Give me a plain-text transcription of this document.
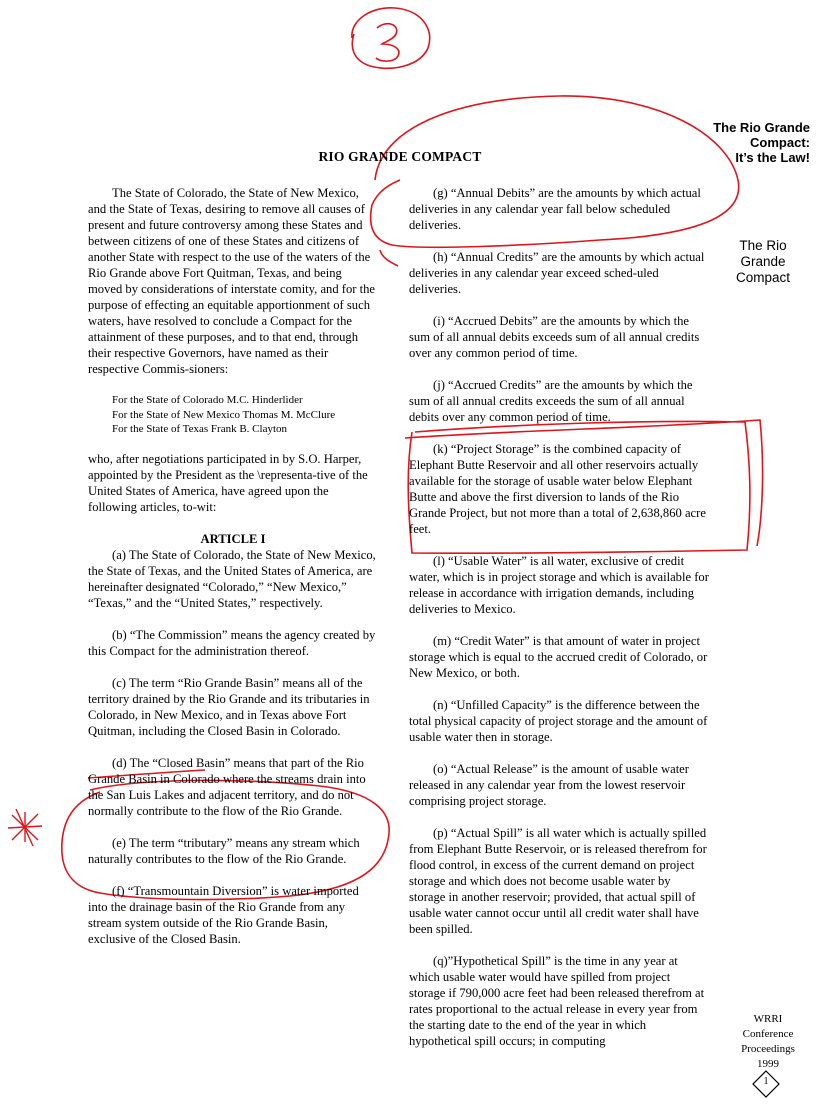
RIO GRANDE COMPACT
The Rio Grande
Compact:
It’s the Law!
The Rio
Grande
Compact

The State of Colorado, the State of New Mexico, and the State of Texas, desiring to remove all causes of present and future controversy among these States and between citizens of one of these States and citizens of another State with respect to the use of the waters of the Rio Grande above Fort Quitman, Texas, and being moved by considerations of interstate comity, and for the purpose of effecting an equitable apportionment of such waters, have resolved to conclude a Compact for the attainment of these purposes, and to that end, through their respective Governors, have named as their respective Commis-sioners:

For the State of Colorado M.C. Hinderlider
For the State of New Mexico Thomas M. McClure
For the State of Texas Frank B. Clayton

who, after negotiations participated in by S.O. Harper, appointed by the President as the \representa-tive of the United States of America, have agreed upon the following articles, to-wit:

ARTICLE I

(a) The State of Colorado, the State of New Mexico, the State of Texas, and the United States of America, are hereinafter designated “Colorado,” “New Mexico,” “Texas,” and the “United States,” respectively.

(b) “The Commission” means the agency created by this Compact for the administration thereof.

(c) The term “Rio Grande Basin” means all of the territory drained by the Rio Grande and its tributaries in Colorado, in New Mexico, and in Texas above Fort Quitman, including the Closed Basin in Colorado.

(d) The “Closed Basin” means that part of the Rio Grande Basin in Colorado where the streams drain into the San Luis Lakes and adjacent territory, and do not normally contribute to the flow of the Rio Grande.

(e) The term “tributary” means any stream which naturally contributes to the flow of the Rio Grande.

(f) “Transmountain Diversion” is water imported into the drainage basin of the Rio Grande from any stream system outside of the Rio Grande Basin, exclusive of the Closed Basin.

(g) “Annual Debits” are the amounts by which actual deliveries in any calendar year fall below scheduled deliveries.

(h) “Annual Credits” are the amounts by which actual deliveries in any calendar year exceed sched-uled deliveries.

(i) “Accrued Debits” are the amounts by which the sum of all annual debits exceeds sum of all annual credits over any common period of time.

(j) “Accrued Credits” are the amounts by which the sum of all annual credits exceeds the sum of all annual debits over any common period of time.

(k) “Project Storage” is the combined capacity of Elephant Butte Reservoir and all other reservoirs actually available for the storage of usable water below Elephant Butte and above the first diversion to lands of the Rio Grande Project, but not more than a total of 2,638,860 acre feet.

(l) “Usable Water” is all water, exclusive of credit water, which is in project storage and which is available for release in accordance with irrigation demands, including deliveries to Mexico.

(m) “Credit Water” is that amount of water in project storage which is equal to the accrued credit of Colorado, or New Mexico, or both.

(n) “Unfilled Capacity” is the difference between the total physical capacity of project storage and the amount of usable water then in storage.

(o) “Actual Release” is the amount of usable water released in any calendar year from the lowest reservoir comprising project storage.

(p) “Actual Spill” is all water which is actually spilled from Elephant Butte Reservoir, or is released therefrom for flood control, in excess of the current demand on project storage and which does not become usable water by storage in another reservoir; provided, that actual spill of usable water cannot occur until all credit water shall have been spilled.

(q)”Hypothetical Spill” is the time in any year at which usable water would have spilled from project storage if 790,000 acre feet had been released therefrom at rates proportional to the actual release in every year from the starting date to the end of the year in which hypothetical spill occurs; in computing

WRRI
Conference
Proceedings
1999
1
